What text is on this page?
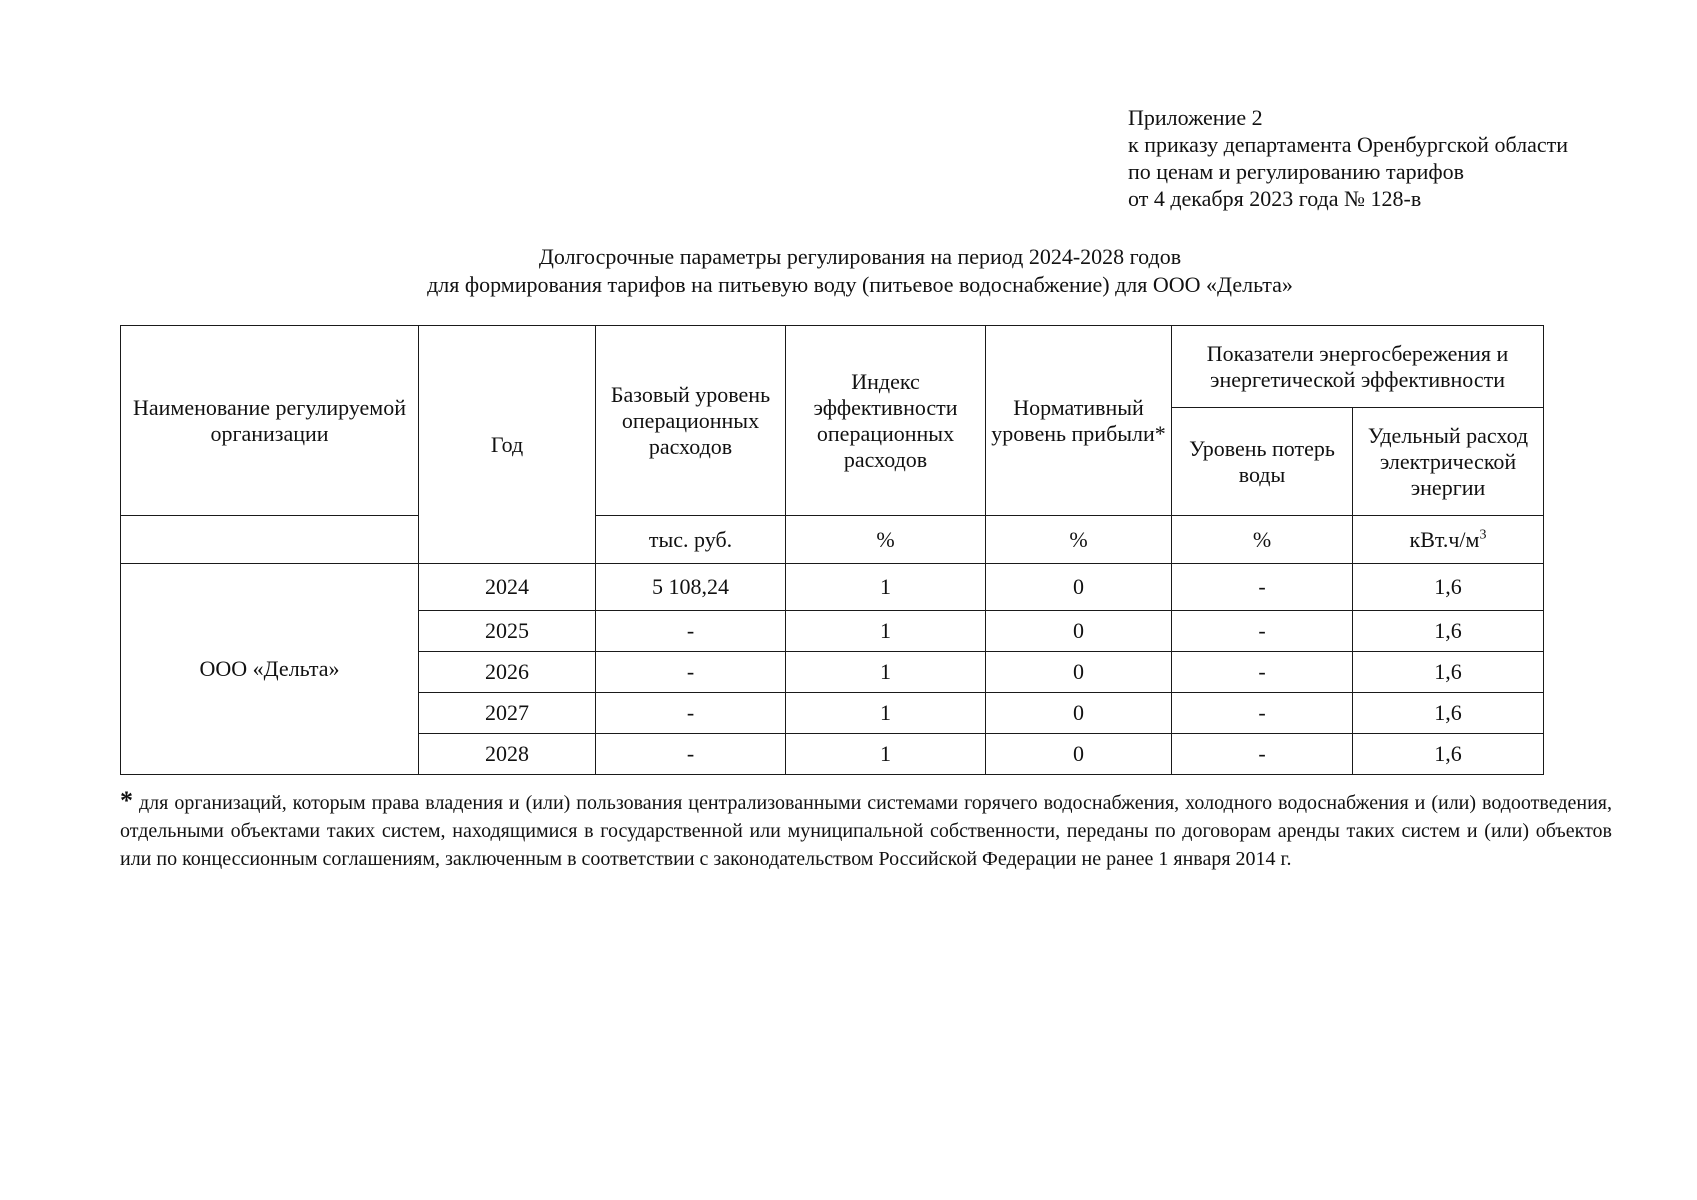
Приложение 2
к приказу департамента Оренбургской области
по ценам и регулированию тарифов
от 4 декабря 2023 года № 128-в
Долгосрочные параметры регулирования на период 2024-2028 годов
для формирования тарифов на питьевую воду (питьевое водоснабжение) для ООО «Дельта»
Наименование регулируемой организации	Год	Базовый уровень операционных расходов	Индекс эффективности операционных расходов	Нормативный уровень прибыли*	Показатели энергосбережения и энергетической эффективности	
					Уровень потерь воды	Удельный расход электрической энергии
		тыс. руб.	%	%	%	$кВт.ч/м^3$
ООО «Дельта»	2024	5 108,24	1	0	-	1,6
	2025	-	1	0	-	1,6
	2026	-	1	0	-	1,6
	2027	-	1	0	-	1,6
	2028	-	1	0	-	1,6
* для организаций, которым права владения и (или) пользования централизованными системами горячего водоснабжения, холодного водоснабжения и (или) водоотведения, отдельными объектами таких систем, находящимися в государственной или муниципальной собственности, переданы по договорам аренды таких систем и (или) объектов или по концессионным соглашениям, заключенным в соответствии с законодательством Российской Федерации не ранее 1 января 2014 г.
